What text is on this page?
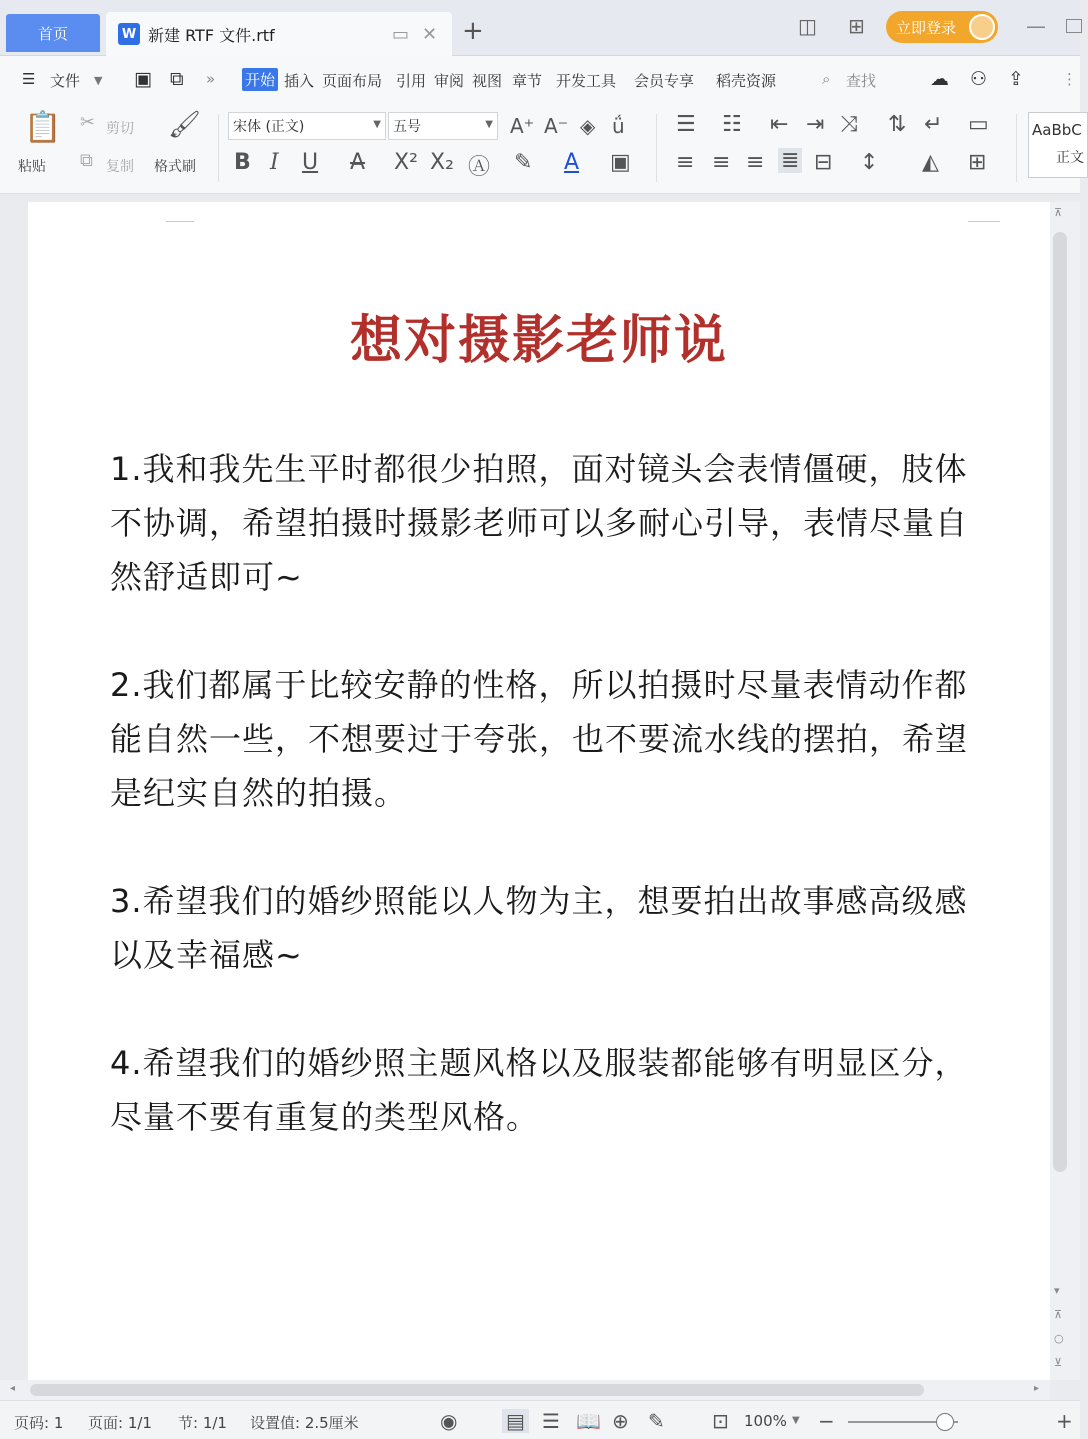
首页	W 新建 RTF 文件.rtf	▭ ✕ +	◫ ⊞ 立即登录	—
☰ 文件 ▼ ▣ ⧉ » 开始 插入 页面布局 引用 审阅 视图 章节 开发工具 会员专享 稻壳资源	⌕ 查找	☁ ⚇ ⇪	⋮
📋
粘贴
✂ 剪切
⧉ 复制
🖌
格式刷
宋体 (正文)	▼ 五号	▼ A⁺ A⁻ ◈ ǘ
B I U A X² X₂ Ⓐ ✎ A ▣
☰ ☷ ⇤ ⇥ ⤨ ⇅ ↵ ▭
≡ ≡ ≡ ≣ ⊟ ↕ ◭ ⊞
AaBbC
正文
想对摄影老师说
1.我和我先生平时都很少拍照，面对镜头会表情僵硬，肢体不协调，希望拍摄时摄影老师可以多耐心引导，表情尽量自然舒适即可~
2.我们都属于比较安静的性格，所以拍摄时尽量表情动作都能自然一些，不想要过于夸张，也不要流水线的摆拍，希望是纪实自然的拍摄。
3.希望我们的婚纱照能以人物为主，想要拍出故事感高级感以及幸福感~
4.希望我们的婚纱照主题风格以及服装都能够有明显区分，尽量不要有重复的类型风格。
⊼
▾
⊼
○
⊻
◂	▸
页码: 1 页面: 1/1 节: 1/1 设置值: 2.5厘米	◉ ▤ ☰ 📖 ⊕ ✎ ⊡ 100% ▼ −	+
